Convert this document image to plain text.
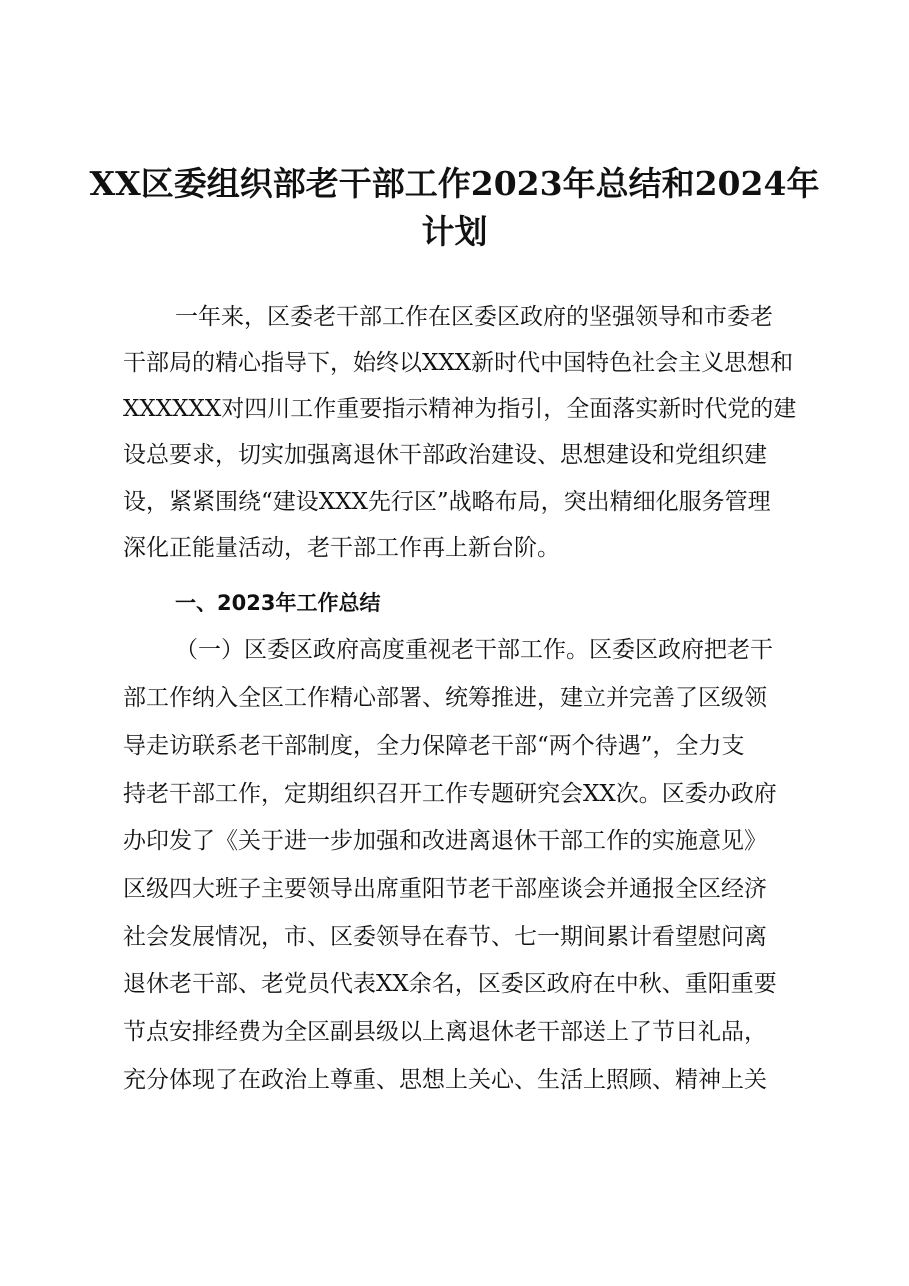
XX区委组织部老干部工作2023年总结和2024年
计划

一年来，区委老干部工作在区委区政府的坚强领导和市委老

干部局的精心指导下，始终以XXX新时代中国特色社会主义思想和

XXXXXX对四川工作重要指示精神为指引，全面落实新时代党的建

设总要求，切实加强离退休干部政治建设、思想建设和党组织建

设，紧紧围绕“建设XXX先行区”战略布局，突出精细化服务管理

深化正能量活动，老干部工作再上新台阶。

一、2023年工作总结

（一）区委区政府高度重视老干部工作。区委区政府把老干

部工作纳入全区工作精心部署、统筹推进，建立并完善了区级领

导走访联系老干部制度，全力保障老干部“两个待遇”，全力支

持老干部工作，定期组织召开工作专题研究会XX次。区委办政府

办印发了《关于进一步加强和改进离退休干部工作的实施意见》

区级四大班子主要领导出席重阳节老干部座谈会并通报全区经济

社会发展情况，市、区委领导在春节、七一期间累计看望慰问离

退休老干部、老党员代表XX余名，区委区政府在中秋、重阳重要

节点安排经费为全区副县级以上离退休老干部送上了节日礼品，

充分体现了在政治上尊重、思想上关心、生活上照顾、精神上关
